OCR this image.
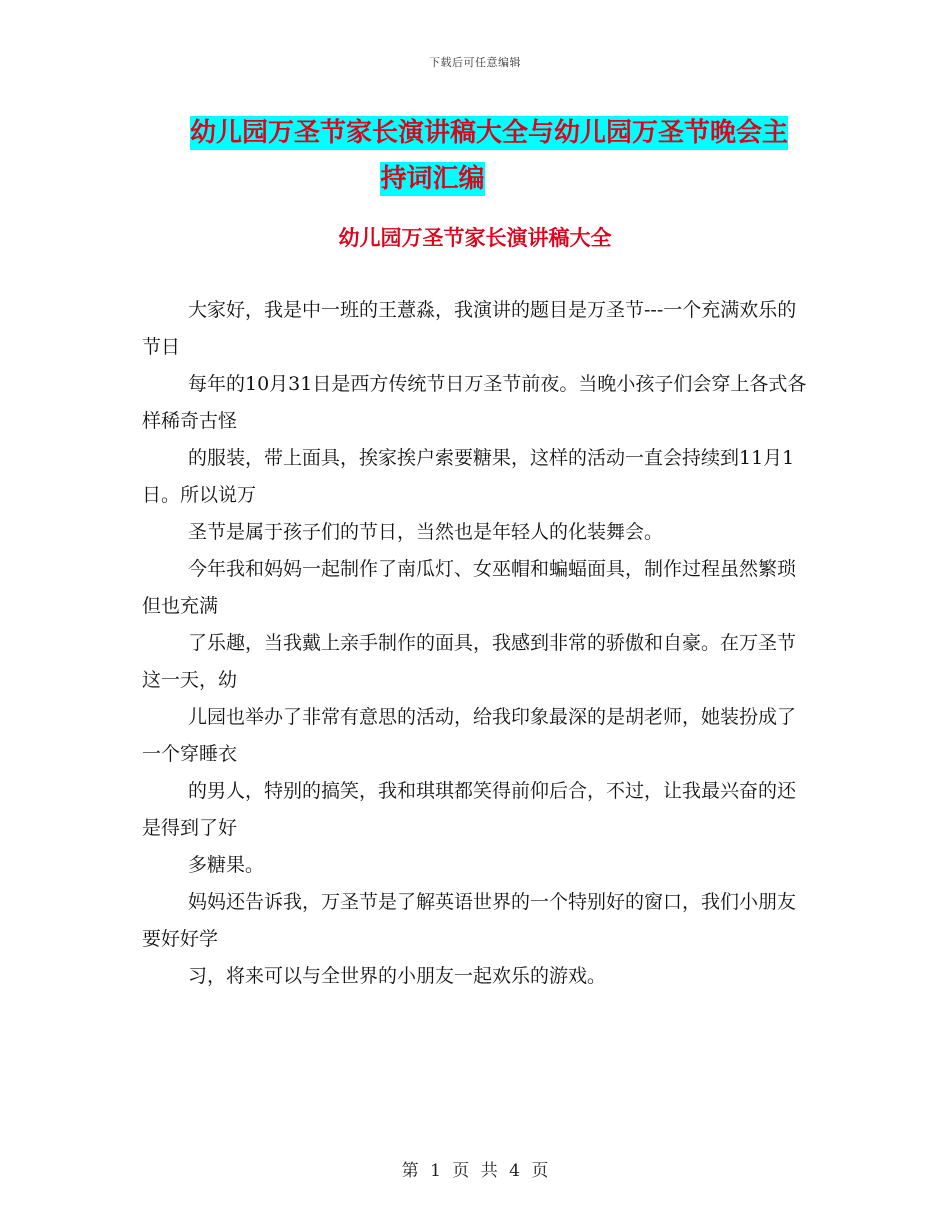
下载后可任意编辑
幼儿园万圣节家长演讲稿大全与幼儿园万圣节晚会主
持词汇编
幼儿园万圣节家长演讲稿大全

大家好，我是中一班的王薏淼，我演讲的题目是万圣节---一个充满欢乐的节日

每年的10月31日是西方传统节日万圣节前夜。当晚小孩子们会穿上各式各样稀奇古怪

的服装，带上面具，挨家挨户索要糖果，这样的活动一直会持续到11月1日。所以说万

圣节是属于孩子们的节日，当然也是年轻人的化装舞会。

今年我和妈妈一起制作了南瓜灯、女巫帽和蝙蝠面具，制作过程虽然繁琐但也充满

了乐趣，当我戴上亲手制作的面具，我感到非常的骄傲和自豪。在万圣节这一天，幼

儿园也举办了非常有意思的活动，给我印象最深的是胡老师，她装扮成了一个穿睡衣

的男人，特别的搞笑，我和琪琪都笑得前仰后合，不过，让我最兴奋的还是得到了好

多糖果。

妈妈还告诉我，万圣节是了解英语世界的一个特别好的窗口，我们小朋友要好好学

习，将来可以与全世界的小朋友一起欢乐的游戏。

第 1 页 共 4 页
